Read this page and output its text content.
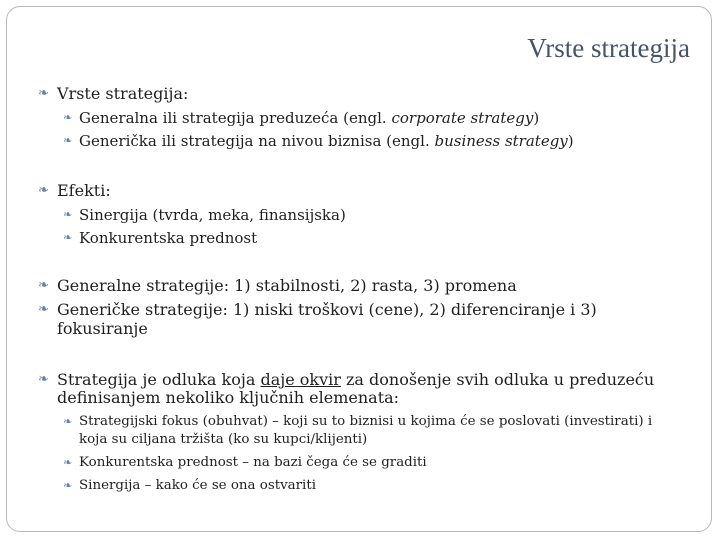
Vrste strategija
❧ Vrste strategija:
❧ Generalna ili strategija preduzeća (engl. corporate strategy)
❧ Generička ili strategija na nivou biznisa (engl. business strategy)
❧ Efekti:
❧ Sinergija (tvrda, meka, finansijska)
❧ Konkurentska prednost
❧ Generalne strategije: 1) stabilnosti, 2) rasta, 3) promena
❧ Generičke strategije: 1) niski troškovi (cene), 2) diferenciranje i 3)
fokusiranje
❧ Strategija je odluka koja daje okvir za donošenje svih odluka u preduzeću
definisanjem nekoliko ključnih elemenata:
❧ Strategijski fokus (obuhvat) – koji su to biznisi u kojima će se poslovati (investirati) i
koja su ciljana tržišta (ko su kupci/klijenti)
❧ Konkurentska prednost – na bazi čega će se graditi
❧ Sinergija – kako će se ona ostvariti
